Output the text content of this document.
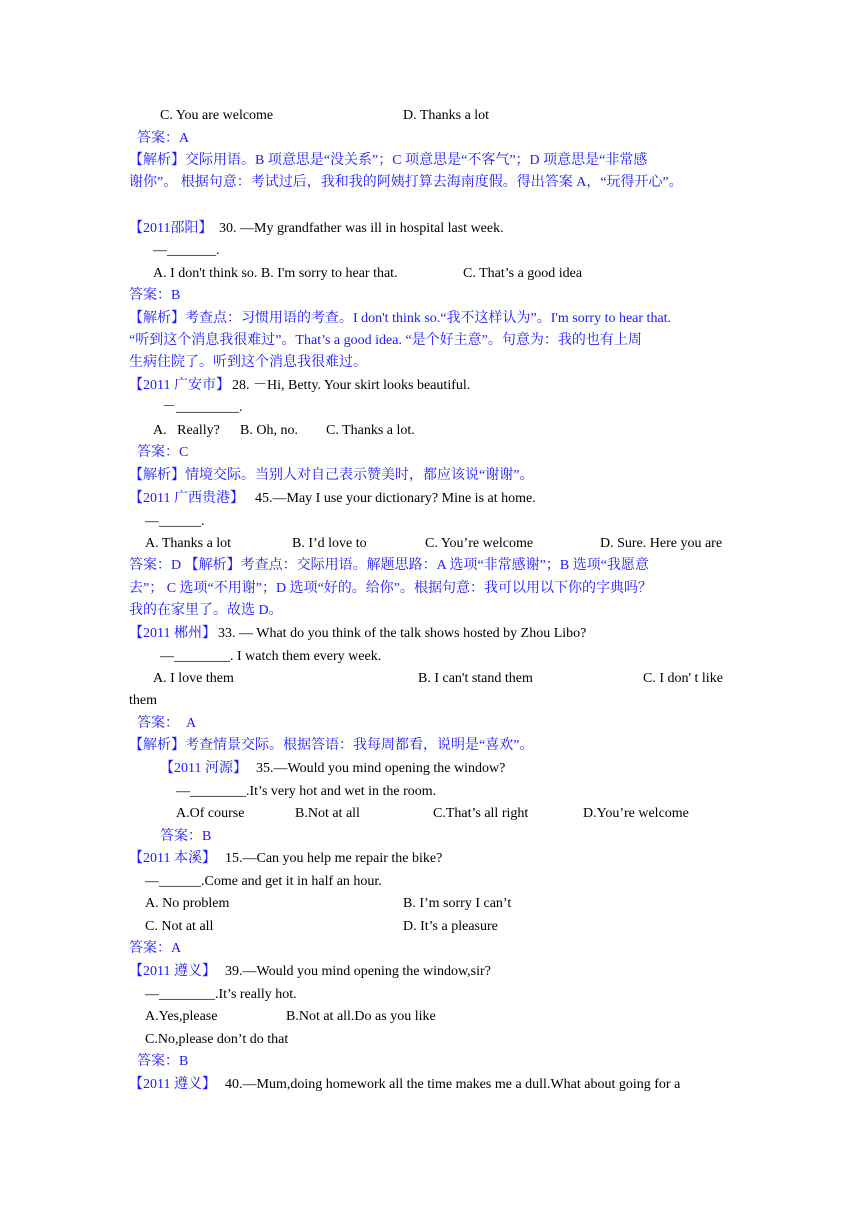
C. You are welcome	D. Thanks a lot
答案：A
【解析】交际用语。B 项意思是“没关系”；C 项意思是“不客气”；D 项意思是“非常感
谢你”。 根据句意：考试过后，我和我的阿姨打算去海南度假。得出答案 A，“玩得开心”。
【2011邵阳】 30. —My grandfather was ill in hospital last week.
—_______.
A. I don't think so. B. I'm sorry to hear that.	C. That’s a good idea
答案：B
【解析】考查点：习惯用语的考查。I don't think so.“我不这样认为”。I'm sorry to hear that.
“听到这个消息我很难过”。That’s a good idea. “是个好主意”。句意为：我的也有上周
生病住院了。听到这个消息我很难过。
【2011 广安市】 28. －Hi, Betty. Your skirt looks beautiful.
－_________.
A.   Really? B. Oh, no. C. Thanks a lot.
答案：C
【解析】情境交际。当别人对自己表示赞美时，都应该说“谢谢”。
【2011 广西贵港】 45.—May I use your dictionary? Mine is at home.
—______.
A. Thanks a lot	B. I’d love to	C. You’re welcome	D. Sure. Here you are
答案：D 【解析】考查点：交际用语。解题思路：A 选项“非常感谢”；B 选项“我愿意
去”； C 选项“不用谢”；D 选项“好的。给你”。根据句意：我可以用以下你的字典吗？
我的在家里了。故选 D。
【2011 郴州】 33. — What do you think of the talk shows hosted by Zhou Libo?
—________. I watch them every week.
A. I love them	B. I can't stand them	C. I don' t like
them
答案：  A
【解析】考查情景交际。根据答语：我每周都看，说明是“喜欢”。
【2011 河源】 35.—Would you mind opening the window?
—________.It’s very hot and wet in the room.
A.Of course	B.Not at all	C.That’s all right	D.You’re welcome
答案：B
【2011 本溪】 15.—Can you help me repair the bike?
—______.Come and get it in half an hour.
A. No problem	B. I’m sorry I can’t
C. Not at all	D. It’s a pleasure
答案：A
【2011 遵义】 39.—Would you mind opening the window,sir?
—________.It’s really hot.
A.Yes,please	B.Not at all.Do as you like
C.No,please don’t do that
答案：B
【2011 遵义】 40.—Mum,doing homework all the time makes me a dull.What about going for a
